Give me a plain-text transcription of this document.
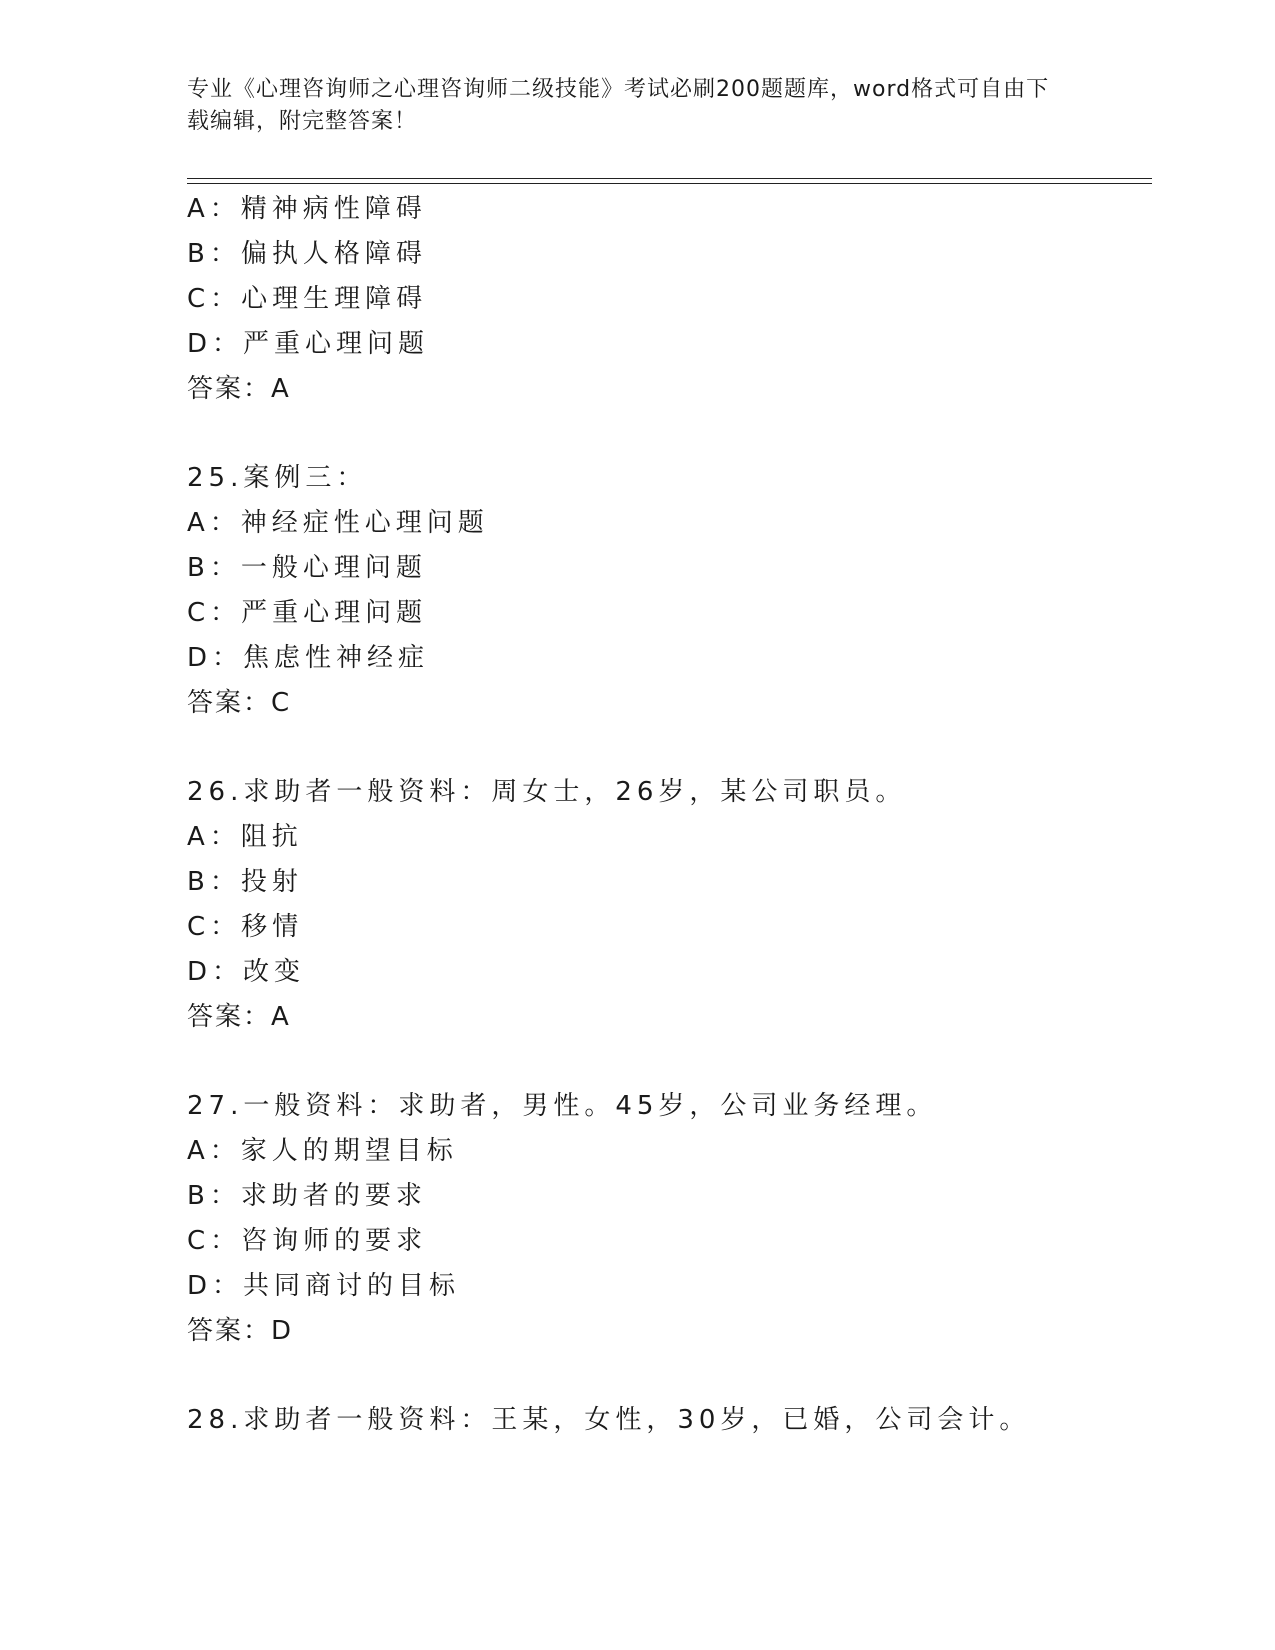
专业《心理咨询师之心理咨询师二级技能》考试必刷200题题库，word格式可自由下载编辑，附完整答案！
A：精神病性障碍
B：偏执人格障碍
C：心理生理障碍
D：严重心理问题
答案：A
25.案例三：
A：神经症性心理问题
B：一般心理问题
C：严重心理问题
D：焦虑性神经症
答案：C
26.求助者一般资料：周女士，26岁，某公司职员。
A：阻抗
B：投射
C：移情
D：改变
答案：A
27.一般资料：求助者，男性。45岁，公司业务经理。
A：家人的期望目标
B：求助者的要求
C：咨询师的要求
D：共同商讨的目标
答案：D
28.求助者一般资料：王某，女性，30岁，已婚，公司会计。
